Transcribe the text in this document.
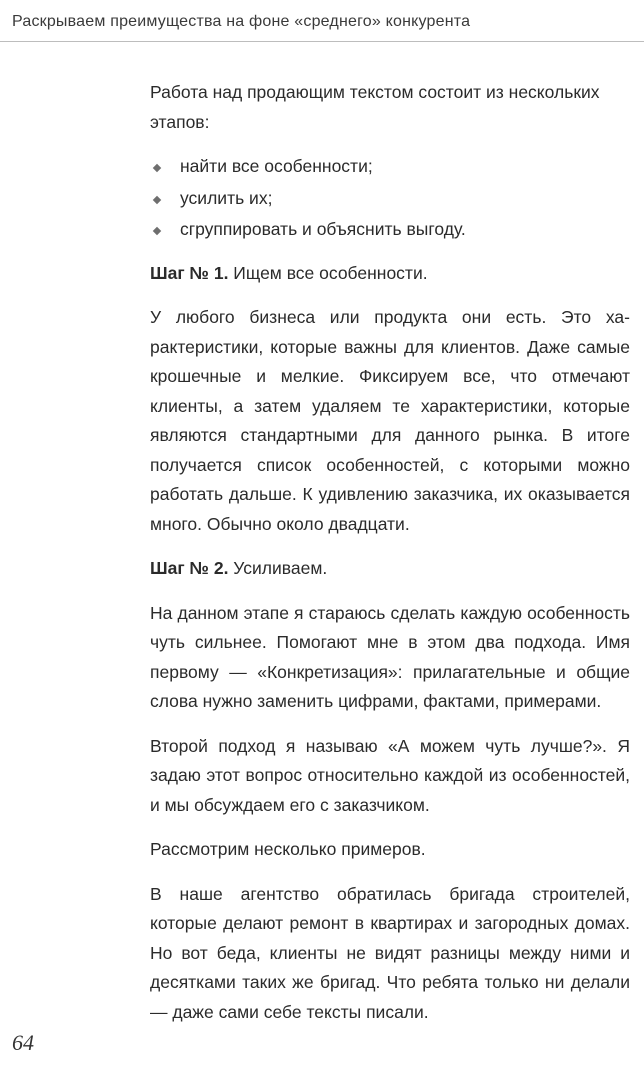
Раскрываем преимущества на фоне «среднего» конкурента

Работа над продающим текстом состоит из нескольких этапов:

найти все особенности;
усилить их;
сгруппировать и объяснить выгоду.

Шаг № 1. Ищем все особенности.

У любого бизнеса или продукта они есть. Это характеристики, которые важны для клиентов. Даже самые крошечные и мелкие. Фиксируем все, что отмечают клиенты, а затем удаляем те характеристики, которые являются стандартными для данного рынка. В итоге получается список особенностей, с которыми можно работать дальше. К удивлению заказчика, их оказывается много. Обычно около двадцати.

Шаг № 2. Усиливаем.

На данном этапе я стараюсь сделать каждую особенность чуть сильнее. Помогают мне в этом два подхода. Имя первому — «Конкретизация»: прилагательные и общие слова нужно заменить цифрами, фактами, примерами.

Второй подход я называю «А можем чуть лучше?». Я задаю этот вопрос относительно каждой из особенностей, и мы обсуждаем его с заказчиком.

Рассмотрим несколько примеров.

В наше агентство обратилась бригада строителей, которые делают ремонт в квартирах и загородных домах. Но вот беда, клиенты не видят разницы между ними и десятками таких же бригад. Что ребята только ни делали — даже сами себе тексты писали.

64
